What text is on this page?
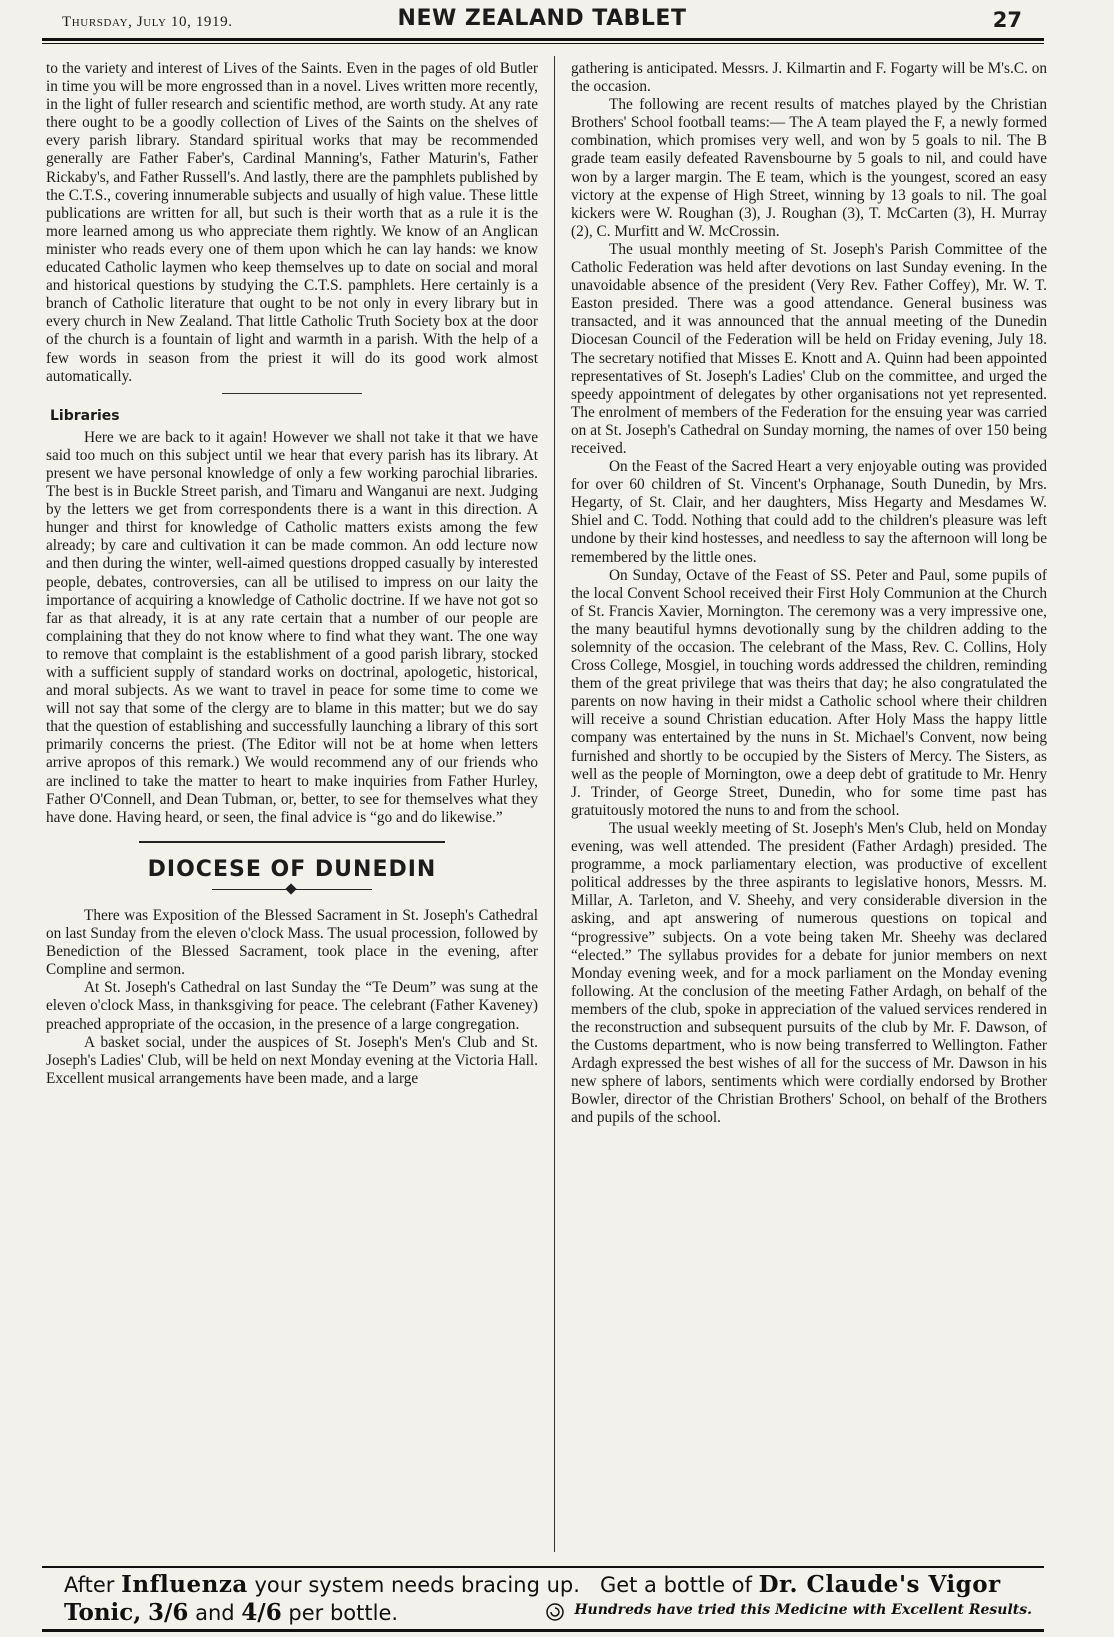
Thursday, July 10, 1919.	NEW ZEALAND TABLET	27

to the variety and interest of Lives of the Saints. Even in the pages of old Butler in time you will be more engrossed than in a novel. Lives written more recently, in the light of fuller research and scientific method, are worth study. At any rate there ought to be a goodly collection of Lives of the Saints on the shelves of every parish library. Standard spiritual works that may be recommended generally are Father Faber's, Cardinal Manning's, Father Maturin's, Father Rickaby's, and Father Russell's. And lastly, there are the pamphlets published by the C.T.S., covering innumerable subjects and usually of high value. These little publications are written for all, but such is their worth that as a rule it is the more learned among us who appreciate them rightly. We know of an Anglican minister who reads every one of them upon which he can lay hands: we know educated Catholic laymen who keep themselves up to date on social and moral and historical questions by studying the C.T.S. pamphlets. Here certainly is a branch of Catholic literature that ought to be not only in every library but in every church in New Zealand. That little Catholic Truth Society box at the door of the church is a fountain of light and warmth in a parish. With the help of a few words in season from the priest it will do its good work almost automatically.

Libraries

Here we are back to it again! However we shall not take it that we have said too much on this subject until we hear that every parish has its library. At present we have personal knowledge of only a few working parochial libraries. The best is in Buckle Street parish, and Timaru and Wanganui are next. Judging by the letters we get from correspondents there is a want in this direction. A hunger and thirst for knowledge of Catholic matters exists among the few already; by care and cultivation it can be made common. An odd lecture now and then during the winter, well-aimed questions dropped casually by interested people, debates, controversies, can all be utilised to impress on our laity the importance of acquiring a knowledge of Catholic doctrine. If we have not got so far as that already, it is at any rate certain that a number of our people are complaining that they do not know where to find what they want. The one way to remove that complaint is the establishment of a good parish library, stocked with a sufficient supply of standard works on doctrinal, apologetic, historical, and moral subjects. As we want to travel in peace for some time to come we will not say that some of the clergy are to blame in this matter; but we do say that the question of establishing and successfully launching a library of this sort primarily concerns the priest. (The Editor will not be at home when letters arrive apropos of this remark.) We would recommend any of our friends who are inclined to take the matter to heart to make inquiries from Father Hurley, Father O'Connell, and Dean Tubman, or, better, to see for themselves what they have done. Having heard, or seen, the final advice is “go and do likewise.”

DIOCESE OF DUNEDIN

There was Exposition of the Blessed Sacrament in St. Joseph's Cathedral on last Sunday from the eleven o'clock Mass. The usual procession, followed by Benediction of the Blessed Sacrament, took place in the evening, after Compline and sermon.

At St. Joseph's Cathedral on last Sunday the “Te Deum” was sung at the eleven o'clock Mass, in thanksgiving for peace. The celebrant (Father Kaveney) preached appropriate of the occasion, in the presence of a large congregation.

A basket social, under the auspices of St. Joseph's Men's Club and St. Joseph's Ladies' Club, will be held on next Monday evening at the Victoria Hall. Excellent musical arrangements have been made, and a large

gathering is anticipated. Messrs. J. Kilmartin and F. Fogarty will be M's.C. on the occasion.

The following are recent results of matches played by the Christian Brothers' School football teams:— The A team played the F, a newly formed combination, which promises very well, and won by 5 goals to nil. The B grade team easily defeated Ravensbourne by 5 goals to nil, and could have won by a larger margin. The E team, which is the youngest, scored an easy victory at the expense of High Street, winning by 13 goals to nil. The goal kickers were W. Roughan (3), J. Roughan (3), T. McCarten (3), H. Murray (2), C. Murfitt and W. McCrossin.

The usual monthly meeting of St. Joseph's Parish Committee of the Catholic Federation was held after devotions on last Sunday evening. In the unavoidable absence of the president (Very Rev. Father Coffey), Mr. W. T. Easton presided. There was a good attendance. General business was transacted, and it was announced that the annual meeting of the Dunedin Diocesan Council of the Federation will be held on Friday evening, July 18. The secretary notified that Misses E. Knott and A. Quinn had been appointed representatives of St. Joseph's Ladies' Club on the committee, and urged the speedy appointment of delegates by other organisations not yet represented. The enrolment of members of the Federation for the ensuing year was carried on at St. Joseph's Cathedral on Sunday morning, the names of over 150 being received.

On the Feast of the Sacred Heart a very enjoyable outing was provided for over 60 children of St. Vincent's Orphanage, South Dunedin, by Mrs. Hegarty, of St. Clair, and her daughters, Miss Hegarty and Mesdames W. Shiel and C. Todd. Nothing that could add to the children's pleasure was left undone by their kind hostesses, and needless to say the afternoon will long be remembered by the little ones.

On Sunday, Octave of the Feast of SS. Peter and Paul, some pupils of the local Convent School received their First Holy Communion at the Church of St. Francis Xavier, Mornington. The ceremony was a very impressive one, the many beautiful hymns devotionally sung by the children adding to the solemnity of the occasion. The celebrant of the Mass, Rev. C. Collins, Holy Cross College, Mosgiel, in touching words addressed the children, reminding them of the great privilege that was theirs that day; he also congratulated the parents on now having in their midst a Catholic school where their children will receive a sound Christian education. After Holy Mass the happy little company was entertained by the nuns in St. Michael's Convent, now being furnished and shortly to be occupied by the Sisters of Mercy. The Sisters, as well as the people of Mornington, owe a deep debt of gratitude to Mr. Henry J. Trinder, of George Street, Dunedin, who for some time past has gratuitously motored the nuns to and from the school.

The usual weekly meeting of St. Joseph's Men's Club, held on Monday evening, was well attended. The president (Father Ardagh) presided. The programme, a mock parliamentary election, was productive of excellent political addresses by the three aspirants to legislative honors, Messrs. M. Millar, A. Tarleton, and V. Sheehy, and very considerable diversion in the asking, and apt answering of numerous questions on topical and “progressive” subjects. On a vote being taken Mr. Sheehy was declared “elected.” The syllabus provides for a debate for junior members on next Monday evening week, and for a mock parliament on the Monday evening following. At the conclusion of the meeting Father Ardagh, on behalf of the members of the club, spoke in appreciation of the valued services rendered in the reconstruction and subsequent pursuits of the club by Mr. F. Dawson, of the Customs department, who is now being transferred to Wellington. Father Ardagh expressed the best wishes of all for the success of Mr. Dawson in his new sphere of labors, sentiments which were cordially endorsed by Brother Bowler, director of the Christian Brothers' School, on behalf of the Brothers and pupils of the school.

After Influenza your system needs bracing up. Get a bottle of Dr. Claude's Vigor
Tonic, 3/6 and 4/6 per bottle.	Hundreds have tried this Medicine with Excellent Results.
